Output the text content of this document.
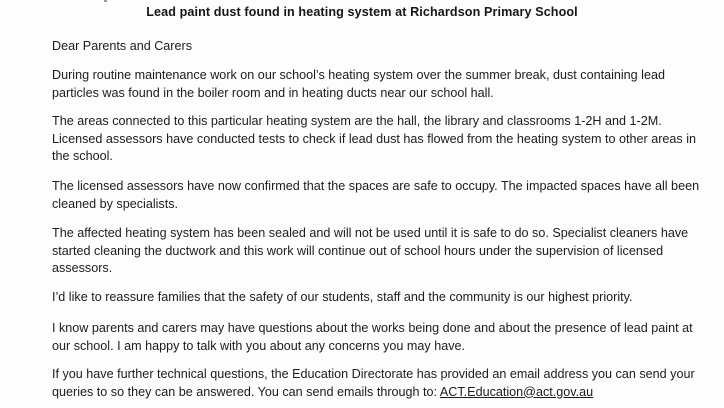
Lead paint dust found in heating system at Richardson Primary School

Dear Parents and Carers

During routine maintenance work on our school’s heating system over the summer break, dust containing lead particles was found in the boiler room and in heating ducts near our school hall.

The areas connected to this particular heating system are the hall, the library and classrooms 1-2H and 1-2M. Licensed assessors have conducted tests to check if lead dust has flowed from the heating system to other areas in the school.

The licensed assessors have now confirmed that the spaces are safe to occupy. The impacted spaces have all been cleaned by specialists.

The affected heating system has been sealed and will not be used until it is safe to do so. Specialist cleaners have started cleaning the ductwork and this work will continue out of school hours under the supervision of licensed assessors.

I’d like to reassure families that the safety of our students, staff and the community is our highest priority.

I know parents and carers may have questions about the works being done and about the presence of lead paint at our school. I am happy to talk with you about any concerns you may have.

If you have further technical questions, the Education Directorate has provided an email address you can send your queries to so they can be answered. You can send emails through to: ACT.Education@act.gov.au
